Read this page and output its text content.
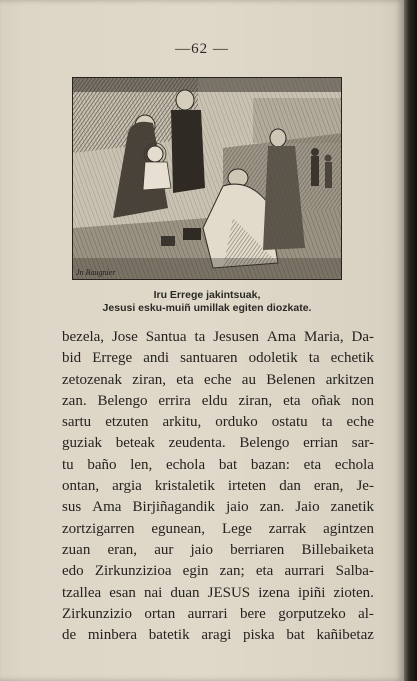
—62 —
Jn Baugnier
Iru Errege jakintsuak,
Jesusi esku-muiñ umillak egiten diozkate.
bezela, Jose Santua ta Jesusen Ama Maria, Da-
bid Errege andi santuaren odoletik ta echetik
zetozenak ziran, eta eche au Belenen arkitzen
zan. Belengo errira eldu ziran, eta oñak non
sartu etzuten arkitu, orduko ostatu ta eche
guziak beteak zeudenta. Belengo errian sar-
tu baño len, echola bat bazan: eta echola
ontan, argia kristaletik irteten dan eran, Je-
sus Ama Birjiñagandik jaio zan. Jaio zanetik
zortzigarren egunean, Lege zarrak agintzen
zuan eran, aur jaio berriaren Billebaiketa
edo Zirkunzizioa egin zan; eta aurrari Salba-
tzallea esan nai duan JESUS izena ipiñi zioten.
Zirkunzizio ortan aurrari bere gorputzeko al-
de minbera batetik aragi piska bat kañibetaz
